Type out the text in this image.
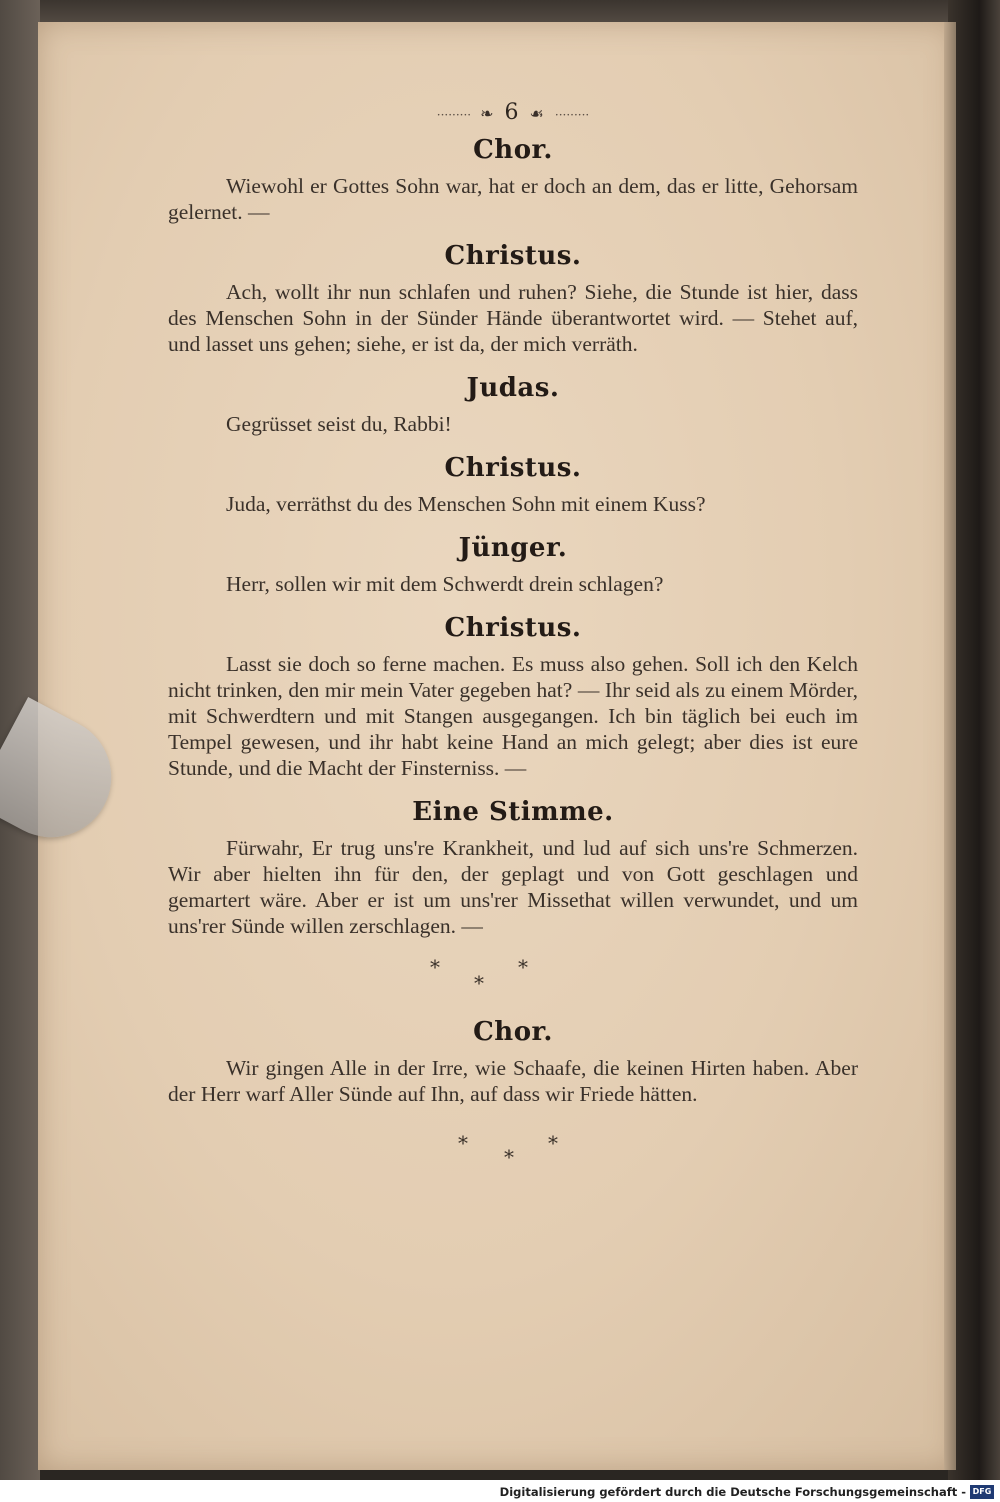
········· ❧ 6 ☙ ·········
Chor.

Wiewohl er Gottes Sohn war, hat er doch an dem, das er litte, Gehorsam gelernet. —

Christus.

Ach, wollt ihr nun schlafen und ruhen? Siehe, die Stunde ist hier, dass des Menschen Sohn in der Sünder Hände überantwortet wird. — Stehet auf, und lasset uns gehen; siehe, er ist da, der mich verräth.

Judas.

Gegrüsset seist du, Rabbi!

Christus.

Juda, verräthst du des Menschen Sohn mit einem Kuss?

Jünger.

Herr, sollen wir mit dem Schwerdt drein schlagen?

Christus.

Lasst sie doch so ferne machen. Es muss also gehen. Soll ich den Kelch nicht trinken, den mir mein Vater gegeben hat? — Ihr seid als zu einem Mörder, mit Schwerdtern und mit Stangen ausgegangen. Ich bin täglich bei euch im Tempel gewesen, und ihr habt keine Hand an mich gelegt; aber dies ist eure Stunde, und die Macht der Finsterniss. —

Eine Stimme.

Fürwahr, Er trug uns're Krankheit, und lud auf sich uns're Schmerzen. Wir aber hielten ihn für den, der geplagt und von Gott geschlagen und gemartert wäre. Aber er ist um uns'rer Missethat willen verwundet, und um uns'rer Sünde willen zerschlagen. —

*	*
*
Chor.

Wir gingen Alle in der Irre, wie Schaafe, die keinen Hirten haben. Aber der Herr warf Aller Sünde auf Ihn, auf dass wir Friede hätten.

*	*
*
Digitalisierung gefördert durch die Deutsche Forschungsgemeinschaft - DFG
